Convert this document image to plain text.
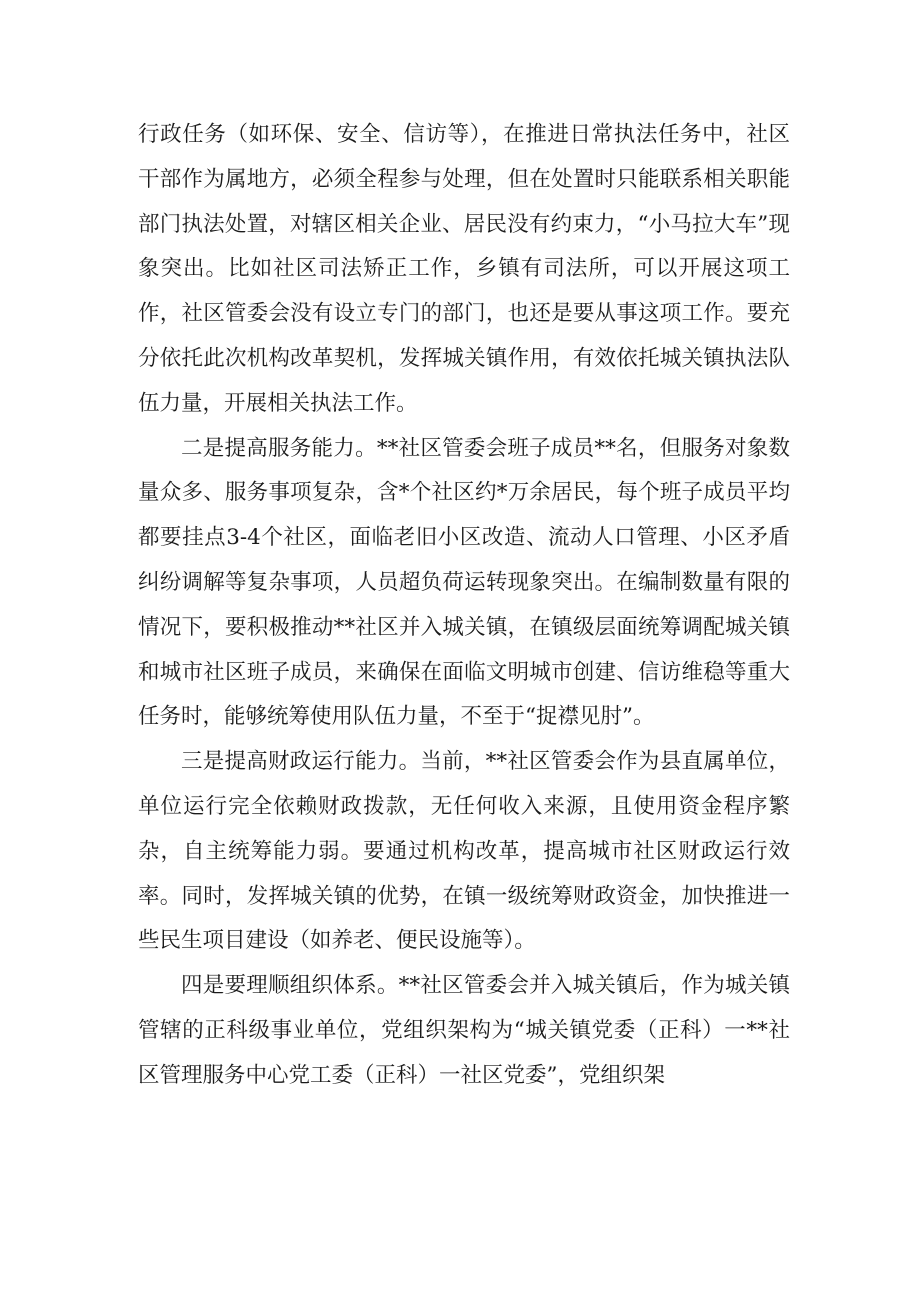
行政任务（如环保、安全、信访等），在推进日常执法任务中，社区干部作为属地方，必须全程参与处理，但在处置时只能联系相关职能部门执法处置，对辖区相关企业、居民没有约束力，“小马拉大车”现象突出。比如社区司法矫正工作，乡镇有司法所，可以开展这项工作，社区管委会没有设立专门的部门，也还是要从事这项工作。要充分依托此次机构改革契机，发挥城关镇作用，有效依托城关镇执法队伍力量，开展相关执法工作。

二是提高服务能力。**社区管委会班子成员**名，但服务对象数量众多、服务事项复杂，含*个社区约*万余居民，每个班子成员平均都要挂点3-4个社区，面临老旧小区改造、流动人口管理、小区矛盾纠纷调解等复杂事项，人员超负荷运转现象突出。在编制数量有限的情况下，要积极推动**社区并入城关镇，在镇级层面统筹调配城关镇和城市社区班子成员，来确保在面临文明城市创建、信访维稳等重大任务时，能够统筹使用队伍力量，不至于“捉襟见肘”。

三是提高财政运行能力。当前，**社区管委会作为县直属单位，单位运行完全依赖财政拨款，无任何收入来源，且使用资金程序繁杂，自主统筹能力弱。要通过机构改革，提高城市社区财政运行效率。同时，发挥城关镇的优势，在镇一级统筹财政资金，加快推进一些民生项目建设（如养老、便民设施等）。

四是要理顺组织体系。**社区管委会并入城关镇后，作为城关镇管辖的正科级事业单位，党组织架构为“城关镇党委（正科）一**社区管理服务中心党工委（正科）一社区党委”，党组织架
